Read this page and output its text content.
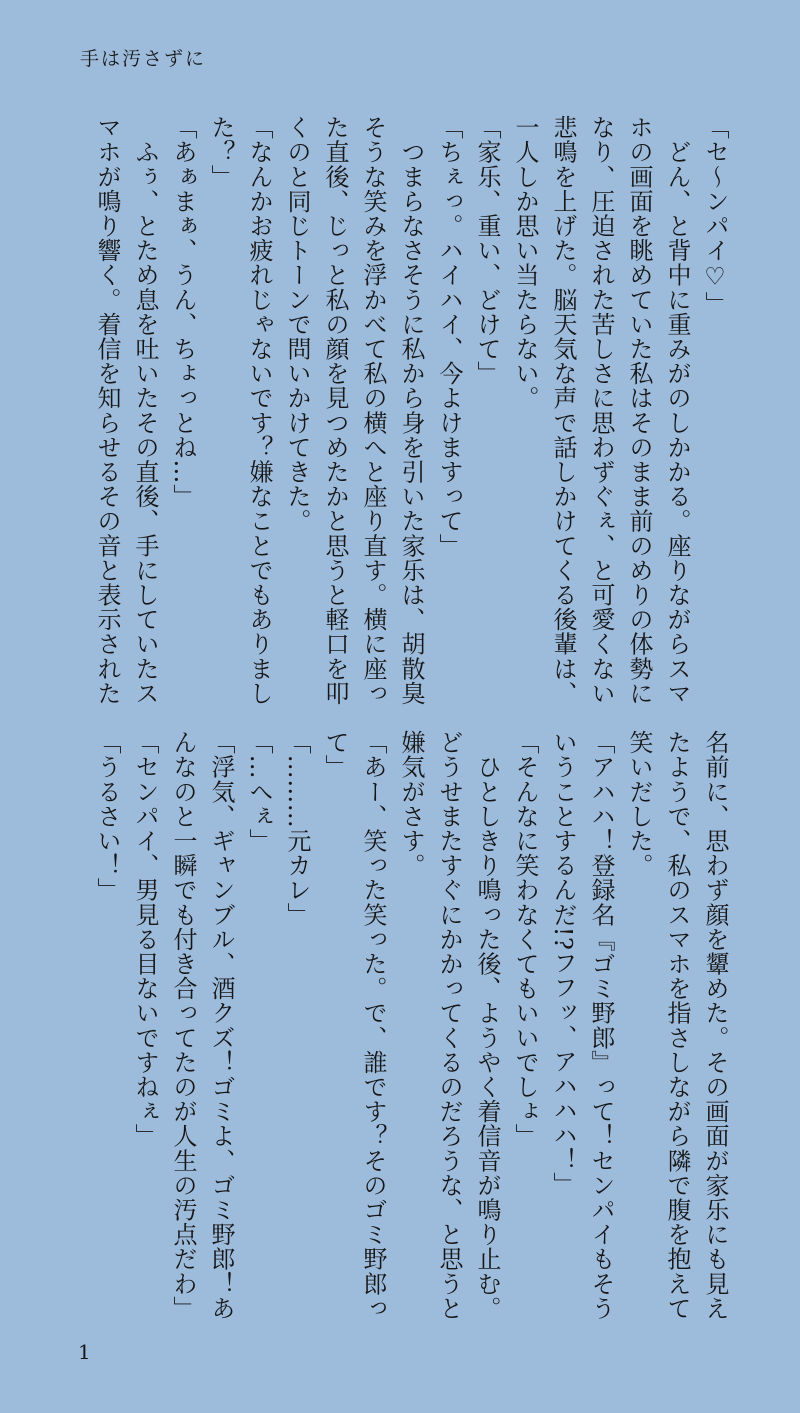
手は汚さずに
「セ〜ンパイ♡」
　どん、と背中に重みがのしかかる。座りながらスマ
ホの画面を眺めていた私はそのまま前のめりの体勢に
なり、圧迫された苦しさに思わずぐぇ、と可愛くない
悲鳴を上げた。脳天気な声で話しかけてくる後輩は、
一人しか思い当たらない。
「家乐、重い、どけて」
「ちぇっ。ハイハイ、今よけますって」
　つまらなさそうに私から身を引いた家乐は、胡散臭
そうな笑みを浮かべて私の横へと座り直す。横に座っ
た直後、じっと私の顔を見つめたかと思うと軽口を叩
くのと同じトーンで問いかけてきた。
「なんかお疲れじゃないです？嫌なことでもありまし
た？」
「あぁまぁ、うん、ちょっとね…」
　ふぅ、とため息を吐いたその直後、手にしていたス
マホが鳴り響く。着信を知らせるその音と表示された
名前に、思わず顔を顰めた。その画面が家乐にも見え
たようで、私のスマホを指さしながら隣で腹を抱えて
笑いだした。
「アハハ！登録名『ゴミ野郎』って！センパイもそう
いうことするんだ!?フフッ、アハハハ！」
「そんなに笑わなくてもいいでしょ」
　ひとしきり鳴った後、ようやく着信音が鳴り止む。
どうせまたすぐにかかってくるのだろうな、と思うと
嫌気がさす。
「あー、笑った笑った。で、誰です？そのゴミ野郎っ
て」
「………元カレ」
「…へぇ」
「浮気、ギャンブル、酒クズ！ゴミよ、ゴミ野郎！あ
んなのと一瞬でも付き合ってたのが人生の汚点だわ」
「センパイ、男見る目ないですねぇ」
「うるさい！」
1
